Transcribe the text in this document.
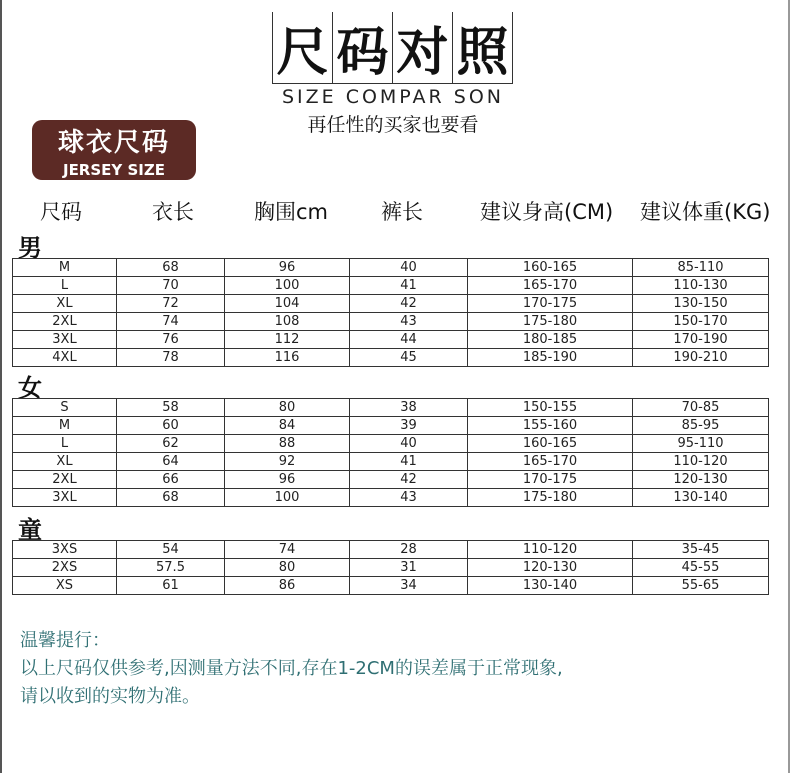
尺 码 对 照
SIZE COMPAR SON
再任性的买家也要看
球衣尺码
JERSEY SIZE
尺码	衣长	胸围cm	裤长	建议身高(CM) 建议体重(KG)
男
M	68	96	40	160-165	85-110
L	70	100	41	165-170	110-130
XL	72	104	42	170-175	130-150
2XL	74	108	43	175-180	150-170
3XL	76	112	44	180-185	170-190
4XL	78	116	45	185-190	190-210
女
S	58	80	38	150-155	70-85
M	60	84	39	155-160	85-95
L	62	88	40	160-165	95-110
XL	64	92	41	165-170	110-120
2XL	66	96	42	170-175	120-130
3XL	68	100	43	175-180	130-140
童
3XS	54	74	28	110-120	35-45
2XS	57.5	80	31	120-130	45-55
XS	61	86	34	130-140	55-65
温馨提行：
以上尺码仅供参考,因测量方法不同,存在1-2CM的误差属于正常现象,
请以收到的实物为准。
